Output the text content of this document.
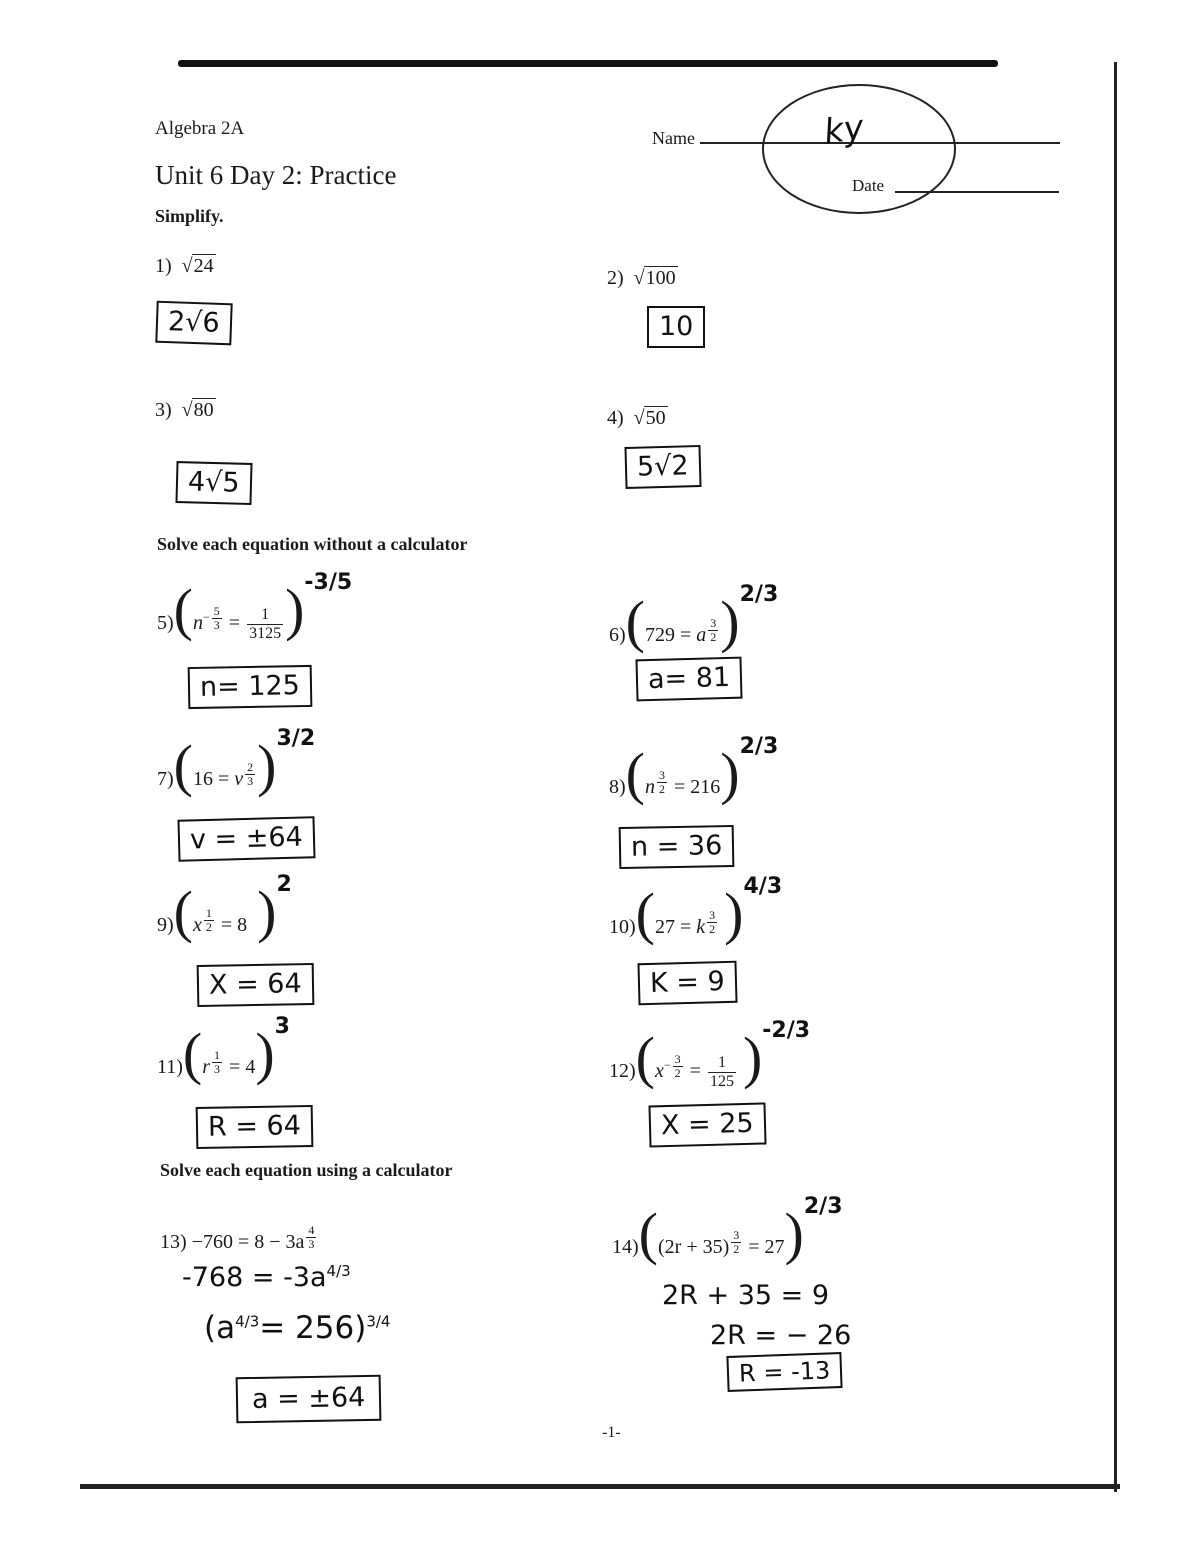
Algebra 2A
Unit 6 Day 2: Practice
Name
Date
ky
Simplify.
Solve each equation without a calculator
Solve each equation using a calculator
1) √24
2√6
2) √100
10
3) √80
4√5
4) √50
5√2
$5)(n^{- \frac{5}{3}} = \frac{1}{3125} )-3/5$
n= 125
6)(729 = a $^{\frac{3}{2}}$ )2/3
a= 81
7)(16 = v $^{\frac{2}{3}}$ )3/2
v = ±64
8)(n $^{\frac{3}{2}}$ = 216)2/3
n = 36
9)(x $^{\frac{1}{2}}$ = 8 )2
X = 64
10)(27 = k $^{\frac{3}{2}}$ )4/3
K = 9
11)(r $^{\frac{1}{3}}$ = 4)3
R = 64
$12)(x^{- \frac{3}{2}} = \frac{1}{125} )-2/3$
X = 25
13) −760 = 8 − 3a $^{\frac{4}{3}}$
$-768 = -3a^{4/3}$
$(a^{4/3}= 256)^{3/4}$
a = ±64
14)((2r + 35) $^{\frac{3}{2}}$ = 27)2/3
2R + 35 = 9
2R = − 26
R = -13
-1-
